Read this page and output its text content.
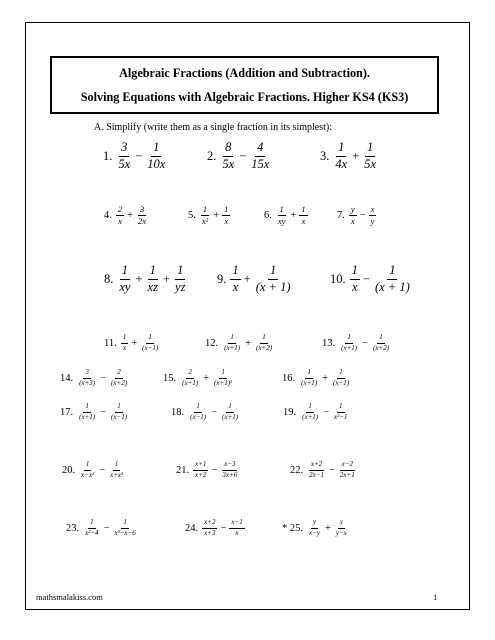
Algebraic Fractions (Addition and Subtraction).
Solving Equations with Algebraic Fractions. Higher KS4 (KS3)
A. Simplify (write them as a single fraction in its simplest):
1. $\frac{3}{5x} - \frac{1}{10x}$	2. $\frac{8}{5x} - \frac{4}{15x}$	3. $\frac{1}{4x} + \frac{1}{5x}$
4. $\frac{2}{x} + \frac{3}{2x}$	5. $\frac{1}{\text{x²}} + \frac{1}{x}$	6. $\frac{1}{xy} + \frac{1}{x}$	7. $\frac{y}{x} - \frac{x}{y}$
8. $\frac{1}{xy} + \frac{1}{xz} + \frac{1}{yz} 9$. $\frac{1}{x} + \frac{1}{(x + 1)}$	10. $\frac{1}{x} - \frac{1}{(x + 1)}$
11. $\frac{1}{x} + \frac{1}{(x-1)}$	12. $\frac{1}{(x+1)} + \frac{1}{(x+2)}$	13. $\frac{1}{(x+1)} - \frac{1}{(x+2)}$
14. $\frac{3}{(x+3)} - \frac{2}{(x+2)}$	15. $\frac{2}{(x+1)} + \frac{1}{\text{(x+1)²}}$	16. $\frac{1}{(x+1)} + \frac{1}{(x-1)}$
17. $\frac{1}{(x+1)} - \frac{1}{(x-1)}$	18. $\frac{1}{(x-1)} - \frac{1}{(x+1)}$	19. $\frac{1}{(x+1)} - \frac{1}{\text{x²−1}}$
20. $\frac{1}{\text{x−x²}} - \frac{1}{\text{x+x²}}$	21. $\frac{x+1}{x+2} - \frac{x-3}{3x+6}$	22. $\frac{x+2}{2x-1} - \frac{x-2}{2x+1}$
23. $\frac{1}{\text{x²−4}} - \frac{1}{\text{x²−x−6}}$	24. $\frac{x+2}{x+3} - \frac{x-1}{x}$	* 25. $\frac{y}{x-y} + \frac{x}{y-x}$
mathsmalakiss.com	1
